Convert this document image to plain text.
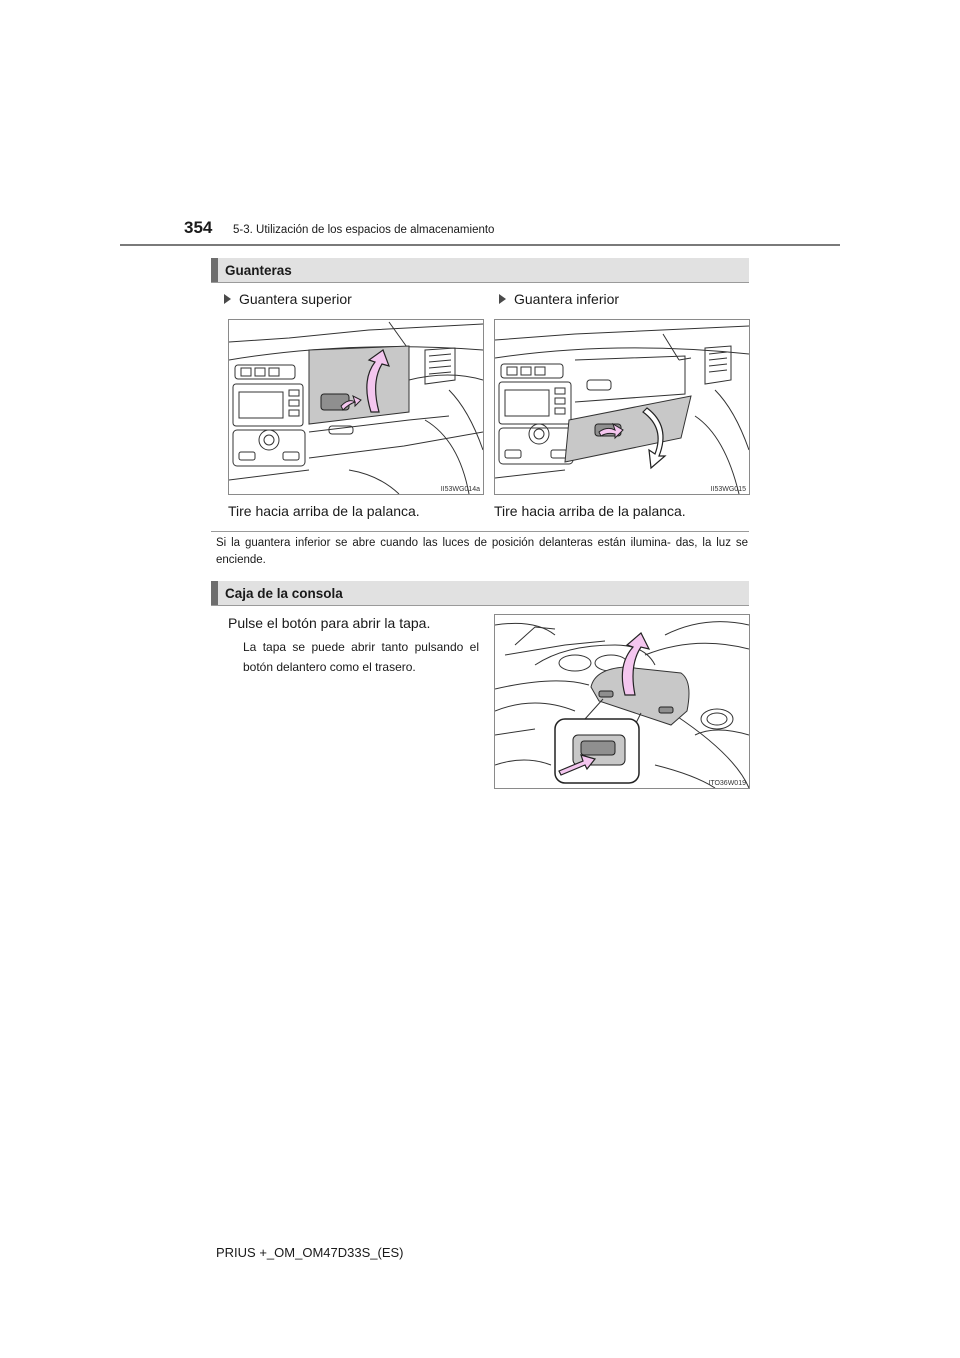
354 5-3. Utilización de los espacios de almacenamiento
Guanteras
Guantera superior	Guantera inferior
II53WG014a	II53WG015
Tire hacia arriba de la palanca.	Tire hacia arriba de la palanca.
Si la guantera inferior se abre cuando las luces de posición delanteras están ilumina- das, la luz se enciende.
Caja de la consola
Pulse el botón para abrir la tapa.
La tapa se puede abrir tanto pulsando el botón delantero como el trasero.
ITO36W019
PRIUS +_OM_OM47D33S_(ES)
